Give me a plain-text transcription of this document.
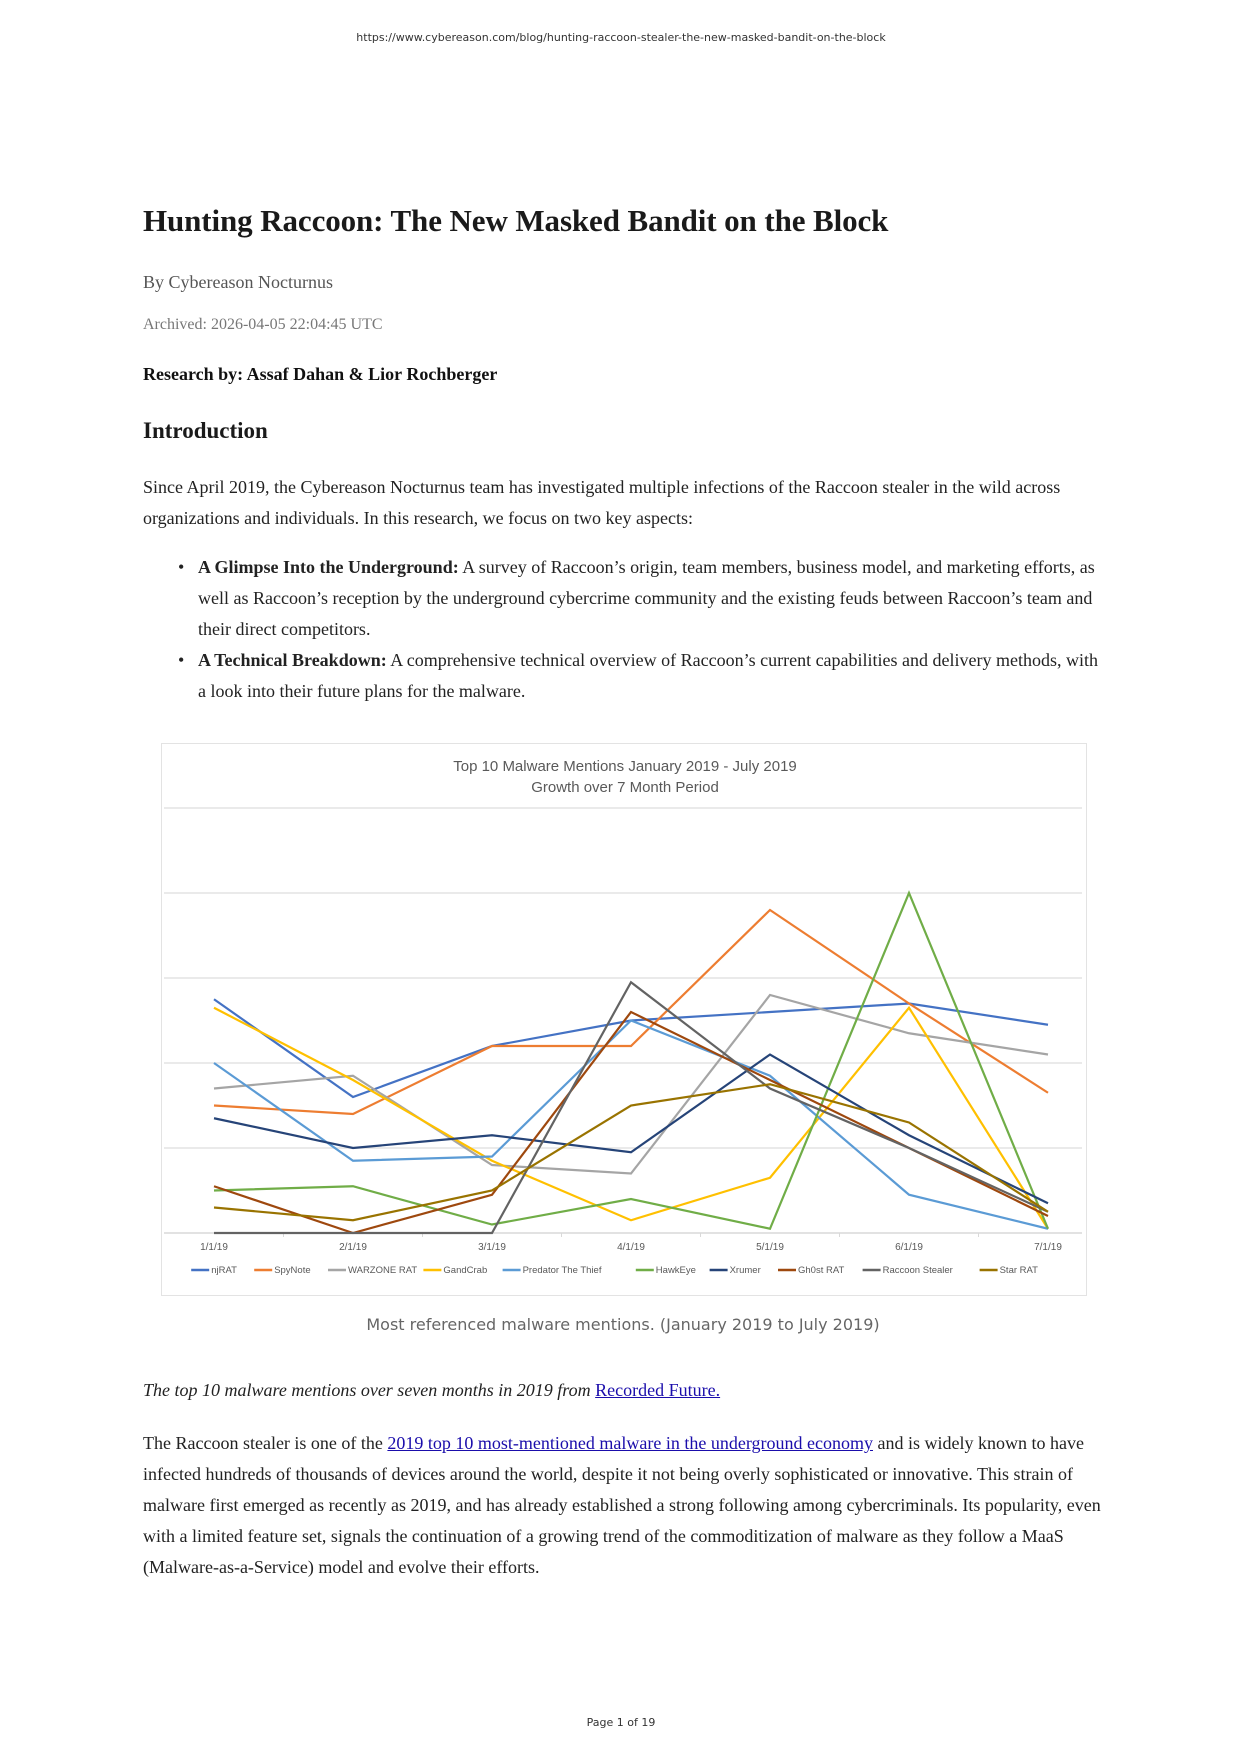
https://www.cybereason.com/blog/hunting-raccoon-stealer-the-new-masked-bandit-on-the-block
Hunting Raccoon: The New Masked Bandit on the Block
By Cybereason Nocturnus
Archived: 2026-04-05 22:04:45 UTC
Research by: Assaf Dahan & Lior Rochberger
Introduction
Since April 2019, the Cybereason Nocturnus team has investigated multiple infections of the Raccoon stealer in the wild across organizations and individuals. In this research, we focus on two key aspects:
• A Glimpse Into the Underground: A survey of Raccoon’s origin, team members, business model, and marketing efforts, as well as Raccoon’s reception by the underground cybercrime community and the existing feuds between Raccoon’s team and their direct competitors.
• A Technical Breakdown: A comprehensive technical overview of Raccoon’s current capabilities and delivery methods, with a look into their future plans for the malware.
Top 10 Malware Mentions January 2019 - July 2019
Growth over 7 Month Period
1/1/19	2/1/19	3/1/19	4/1/19	5/1/19	6/1/19	7/1/19
njRAT	SpyNote	WARZONE RAT	GandCrab	Predator The Thief	HawkEye	Xrumer	Gh0st RAT	Raccoon Stealer	Star RAT
Most referenced malware mentions. (January 2019 to July 2019)
The top 10 malware mentions over seven months in 2019 from Recorded Future.
The Raccoon stealer is one of the 2019 top 10 most-mentioned malware in the underground economy and is widely known to have infected hundreds of thousands of devices around the world, despite it not being overly sophisticated or innovative. This strain of malware first emerged as recently as 2019, and has already established a strong following among cybercriminals. Its popularity, even with a limited feature set, signals the continuation of a growing trend of the commoditization of malware as they follow a MaaS (Malware-as-a-Service) model and evolve their efforts.
Page 1 of 19
